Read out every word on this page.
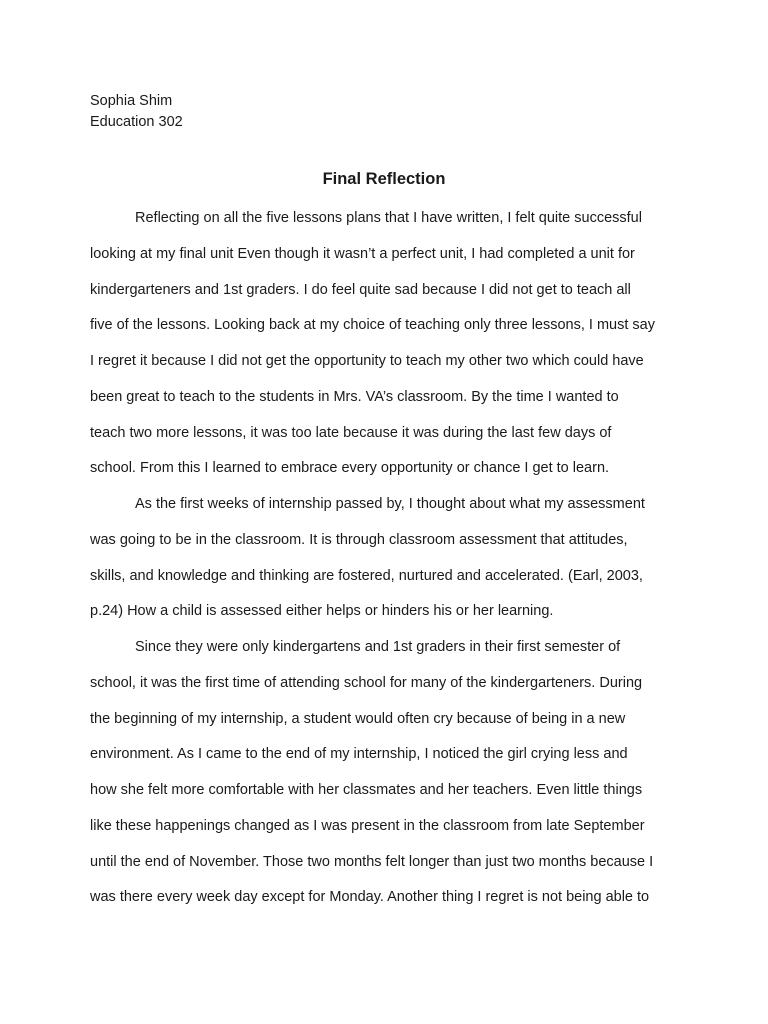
Sophia Shim
Education 302
Final Reflection
Reflecting on all the five lessons plans that I have written, I felt quite successful
looking at my final unit Even though it wasn’t a perfect unit, I had completed a unit for
kindergarteners and 1st graders. I do feel quite sad because I did not get to teach all
five of the lessons. Looking back at my choice of teaching only three lessons, I must say
I regret it because I did not get the opportunity to teach my other two which could have
been great to teach to the students in Mrs. VA’s classroom. By the time I wanted to
teach two more lessons, it was too late because it was during the last few days of
school. From this I learned to embrace every opportunity or chance I get to learn.
As the first weeks of internship passed by, I thought about what my assessment
was going to be in the classroom. It is through classroom assessment that attitudes,
skills, and knowledge and thinking are fostered, nurtured and accelerated. (Earl, 2003,
p.24) How a child is assessed either helps or hinders his or her learning.
Since they were only kindergartens and 1st graders in their first semester of
school, it was the first time of attending school for many of the kindergarteners. During
the beginning of my internship, a student would often cry because of being in a new
environment. As I came to the end of my internship, I noticed the girl crying less and
how she felt more comfortable with her classmates and her teachers. Even little things
like these happenings changed as I was present in the classroom from late September
until the end of November. Those two months felt longer than just two months because I
was there every week day except for Monday. Another thing I regret is not being able to
